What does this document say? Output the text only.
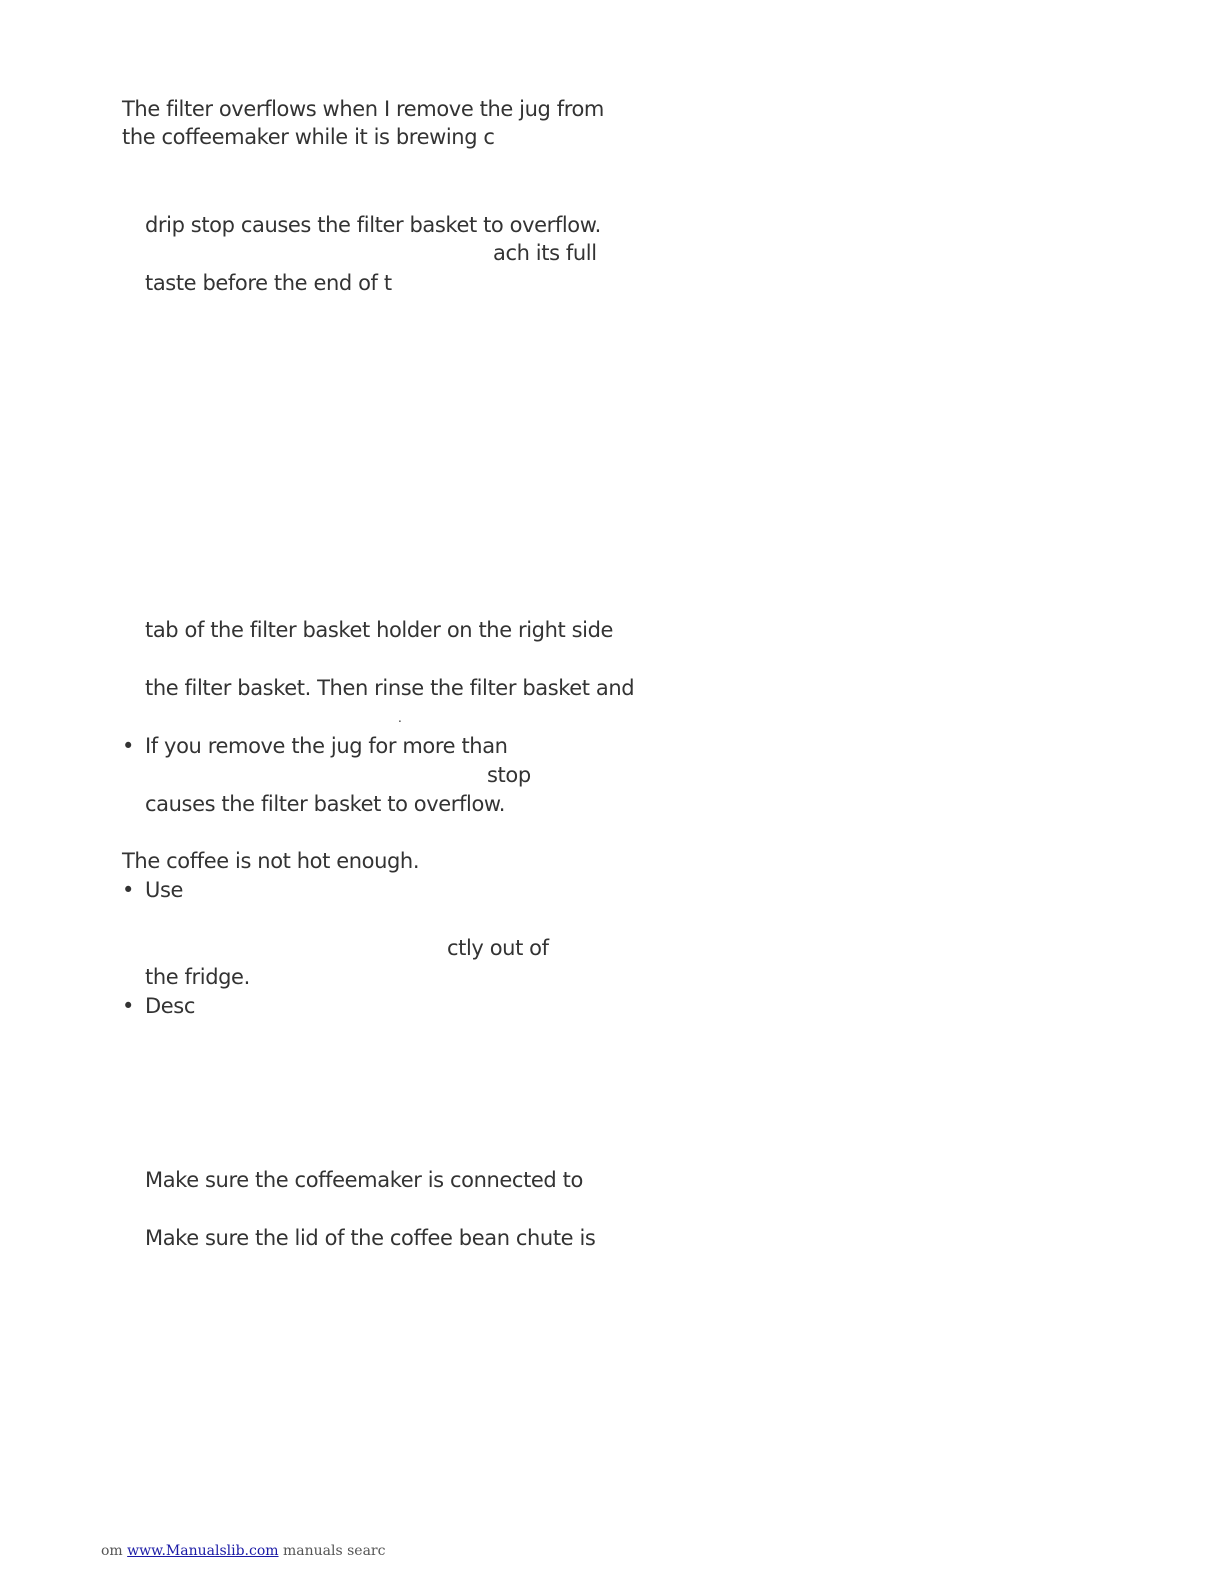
The filter overflows when I remove the jug from
the coffeemaker while it is brewing c
drip stop causes the filter basket to overflow.
ach its full
taste before the end of t
tab of the filter basket holder on the right side
the filter basket. Then rinse the filter basket and
.
• If you remove the jug for more than
stop
causes the filter basket to overflow.
The coffee is not hot enough.
• Use
ctly out of
the fridge.
• Desc
Make sure the coffeemaker is connected to
Make sure the lid of the coffee bean chute is
om www.Manualslib.com manuals searc
